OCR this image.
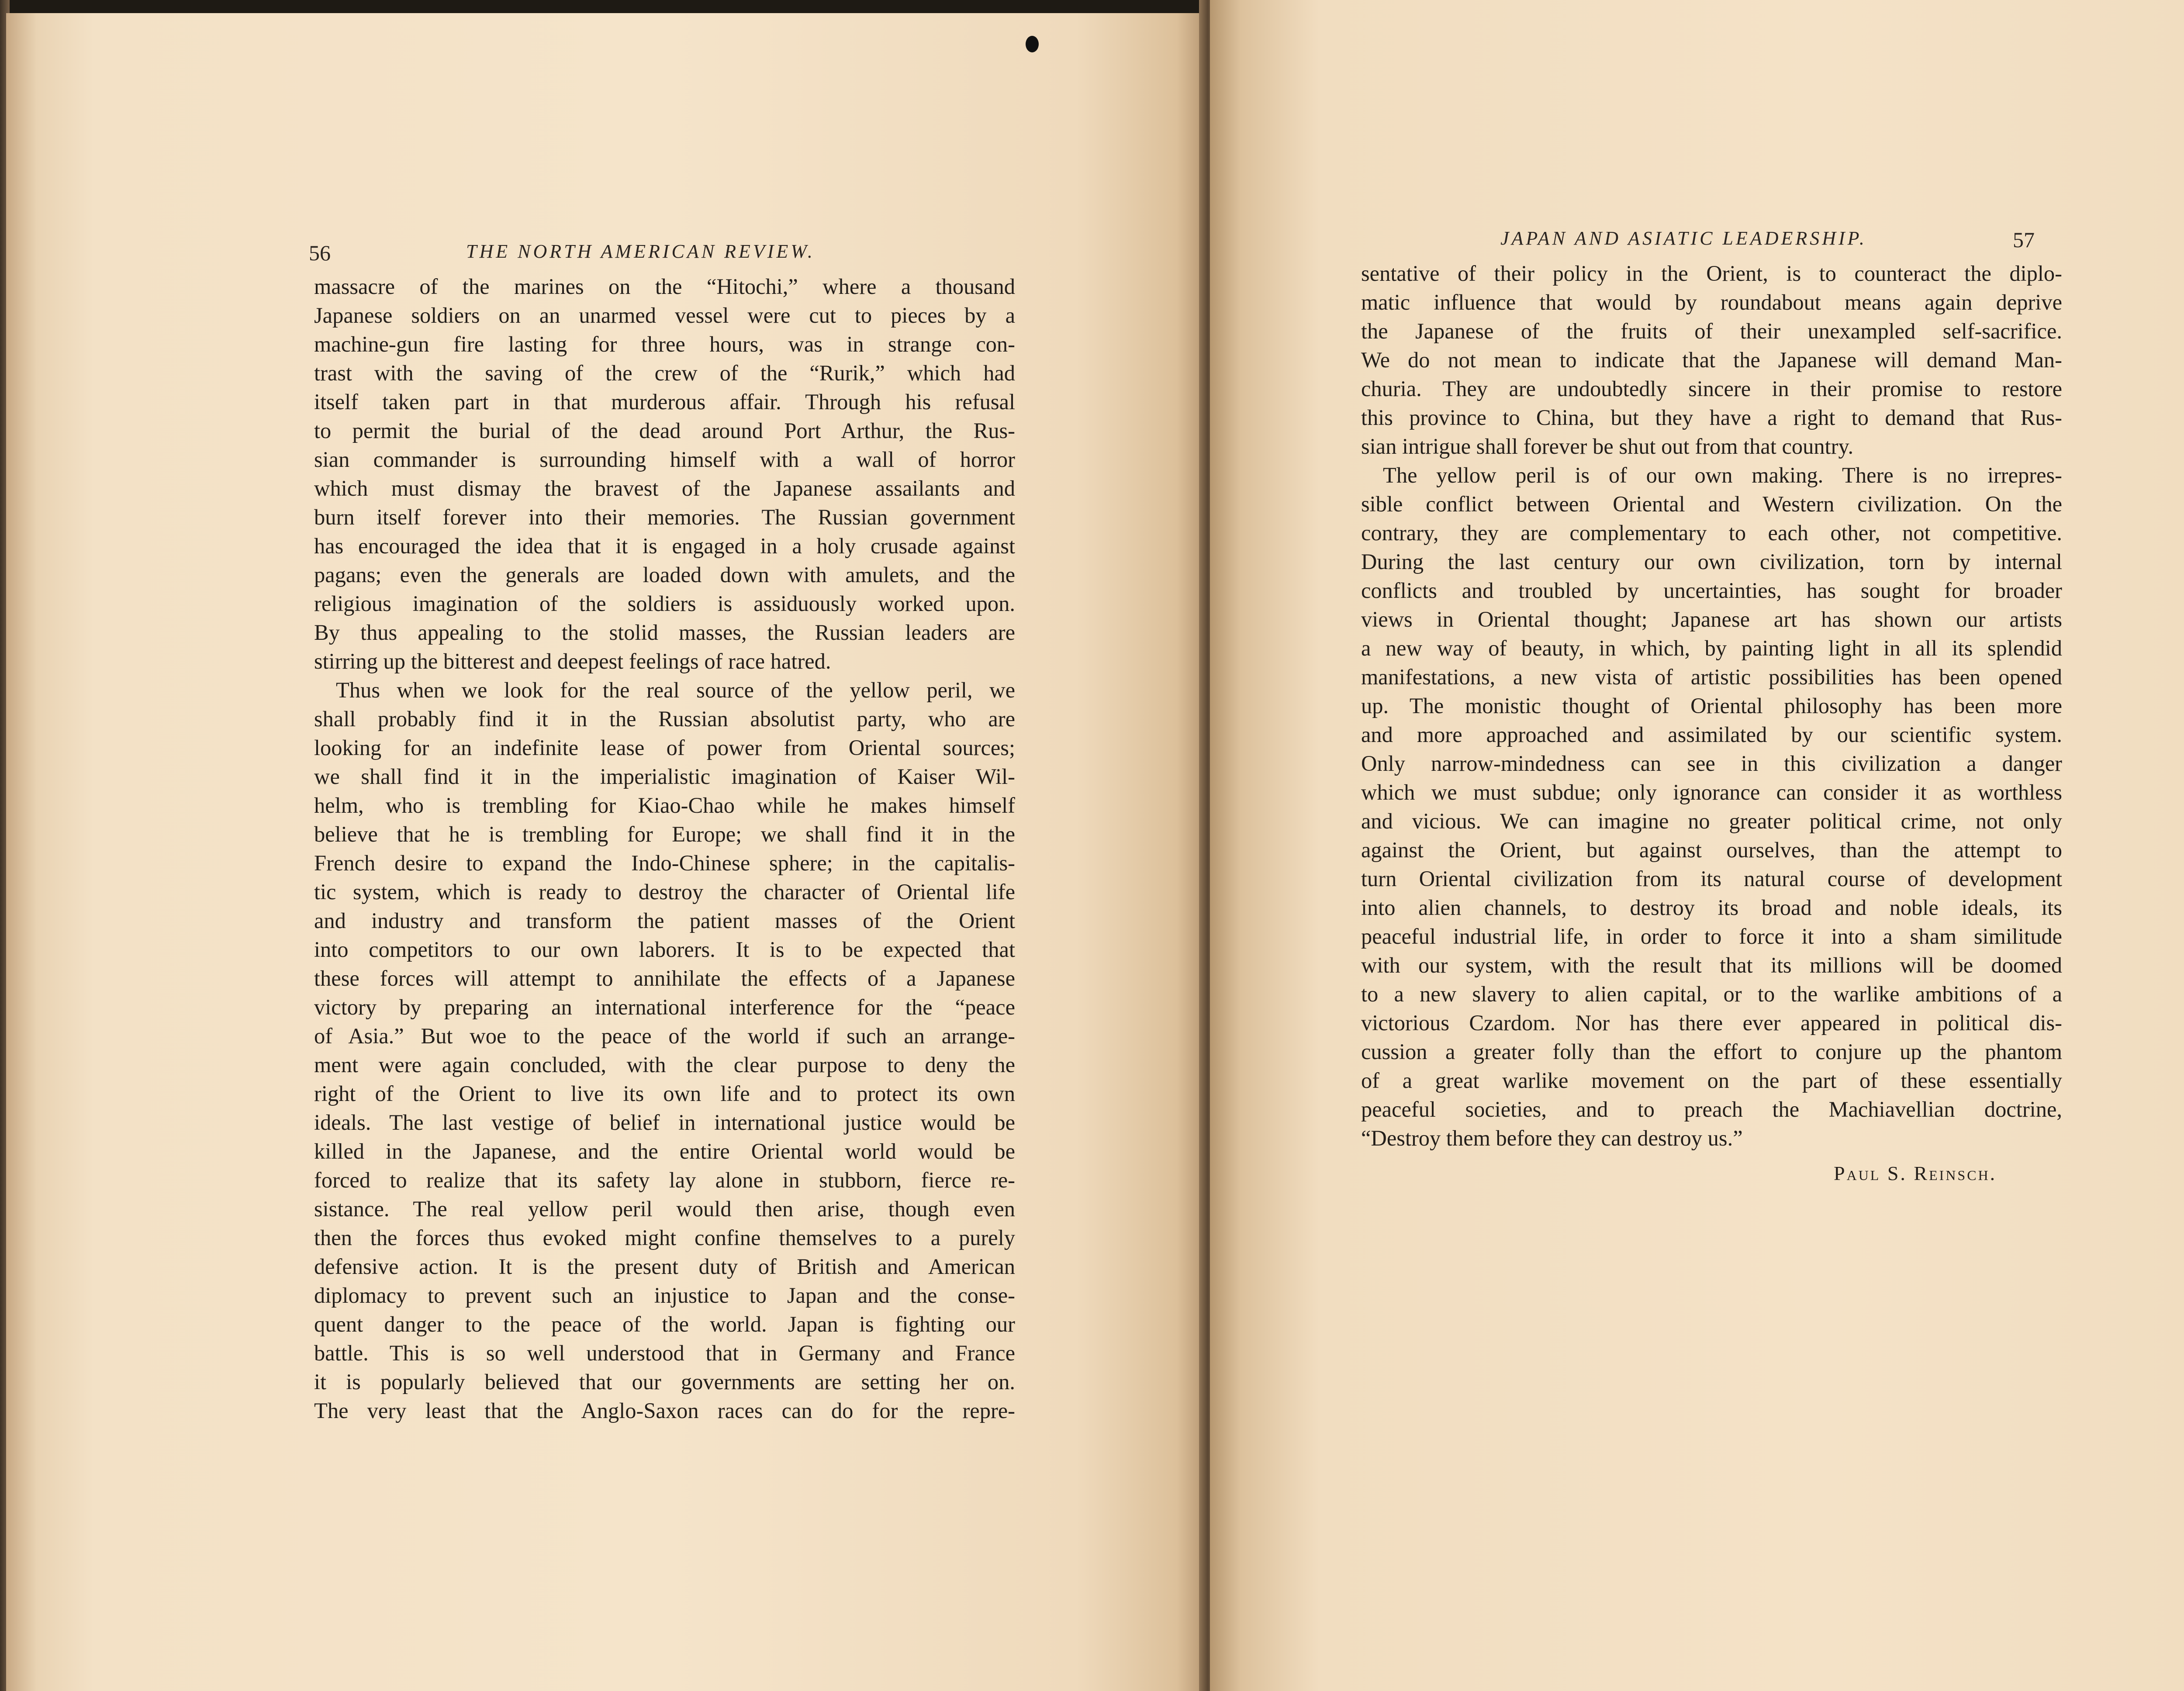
56	THE NORTH AMERICAN REVIEW.

massacre of the marines on the “Hitochi,” where a thousand

Japanese soldiers on an unarmed vessel were cut to pieces by a

machine-gun fire lasting for three hours, was in strange con-

trast with the saving of the crew of the “Rurik,” which had

itself taken part in that murderous affair. Through his refusal

to permit the burial of the dead around Port Arthur, the Rus-

sian commander is surrounding himself with a wall of horror

which must dismay the bravest of the Japanese assailants and

burn itself forever into their memories. The Russian government

has encouraged the idea that it is engaged in a holy crusade against

pagans; even the generals are loaded down with amulets, and the

religious imagination of the soldiers is assiduously worked upon.

By thus appealing to the stolid masses, the Russian leaders are

stirring up the bitterest and deepest feelings of race hatred.

Thus when we look for the real source of the yellow peril, we

shall probably find it in the Russian absolutist party, who are

looking for an indefinite lease of power from Oriental sources;

we shall find it in the imperialistic imagination of Kaiser Wil-

helm, who is trembling for Kiao-Chao while he makes himself

believe that he is trembling for Europe; we shall find it in the

French desire to expand the Indo-Chinese sphere; in the capitalis-

tic system, which is ready to destroy the character of Oriental life

and industry and transform the patient masses of the Orient

into competitors to our own laborers. It is to be expected that

these forces will attempt to annihilate the effects of a Japanese

victory by preparing an international interference for the “peace

of Asia.” But woe to the peace of the world if such an arrange-

ment were again concluded, with the clear purpose to deny the

right of the Orient to live its own life and to protect its own

ideals. The last vestige of belief in international justice would be

killed in the Japanese, and the entire Oriental world would be

forced to realize that its safety lay alone in stubborn, fierce re-

sistance. The real yellow peril would then arise, though even

then the forces thus evoked might confine themselves to a purely

defensive action. It is the present duty of British and American

diplomacy to prevent such an injustice to Japan and the conse-

quent danger to the peace of the world. Japan is fighting our

battle. This is so well understood that in Germany and France

it is popularly believed that our governments are setting her on.

The very least that the Anglo-Saxon races can do for the repre-

JAPAN AND ASIATIC LEADERSHIP.	57

sentative of their policy in the Orient, is to counteract the diplo-

matic influence that would by roundabout means again deprive

the Japanese of the fruits of their unexampled self-sacrifice.

We do not mean to indicate that the Japanese will demand Man-

churia. They are undoubtedly sincere in their promise to restore

this province to China, but they have a right to demand that Rus-

sian intrigue shall forever be shut out from that country.

The yellow peril is of our own making. There is no irrepres-

sible conflict between Oriental and Western civilization. On the

contrary, they are complementary to each other, not competitive.

During the last century our own civilization, torn by internal

conflicts and troubled by uncertainties, has sought for broader

views in Oriental thought; Japanese art has shown our artists

a new way of beauty, in which, by painting light in all its splendid

manifestations, a new vista of artistic possibilities has been opened

up. The monistic thought of Oriental philosophy has been more

and more approached and assimilated by our scientific system.

Only narrow-mindedness can see in this civilization a danger

which we must subdue; only ignorance can consider it as worthless

and vicious. We can imagine no greater political crime, not only

against the Orient, but against ourselves, than the attempt to

turn Oriental civilization from its natural course of development

into alien channels, to destroy its broad and noble ideals, its

peaceful industrial life, in order to force it into a sham similitude

with our system, with the result that its millions will be doomed

to a new slavery to alien capital, or to the warlike ambitions of a

victorious Czardom. Nor has there ever appeared in political dis-

cussion a greater folly than the effort to conjure up the phantom

of a great warlike movement on the part of these essentially

peaceful societies, and to preach the Machiavellian doctrine,

“Destroy them before they can destroy us.”

Paul S. Reinsch.
